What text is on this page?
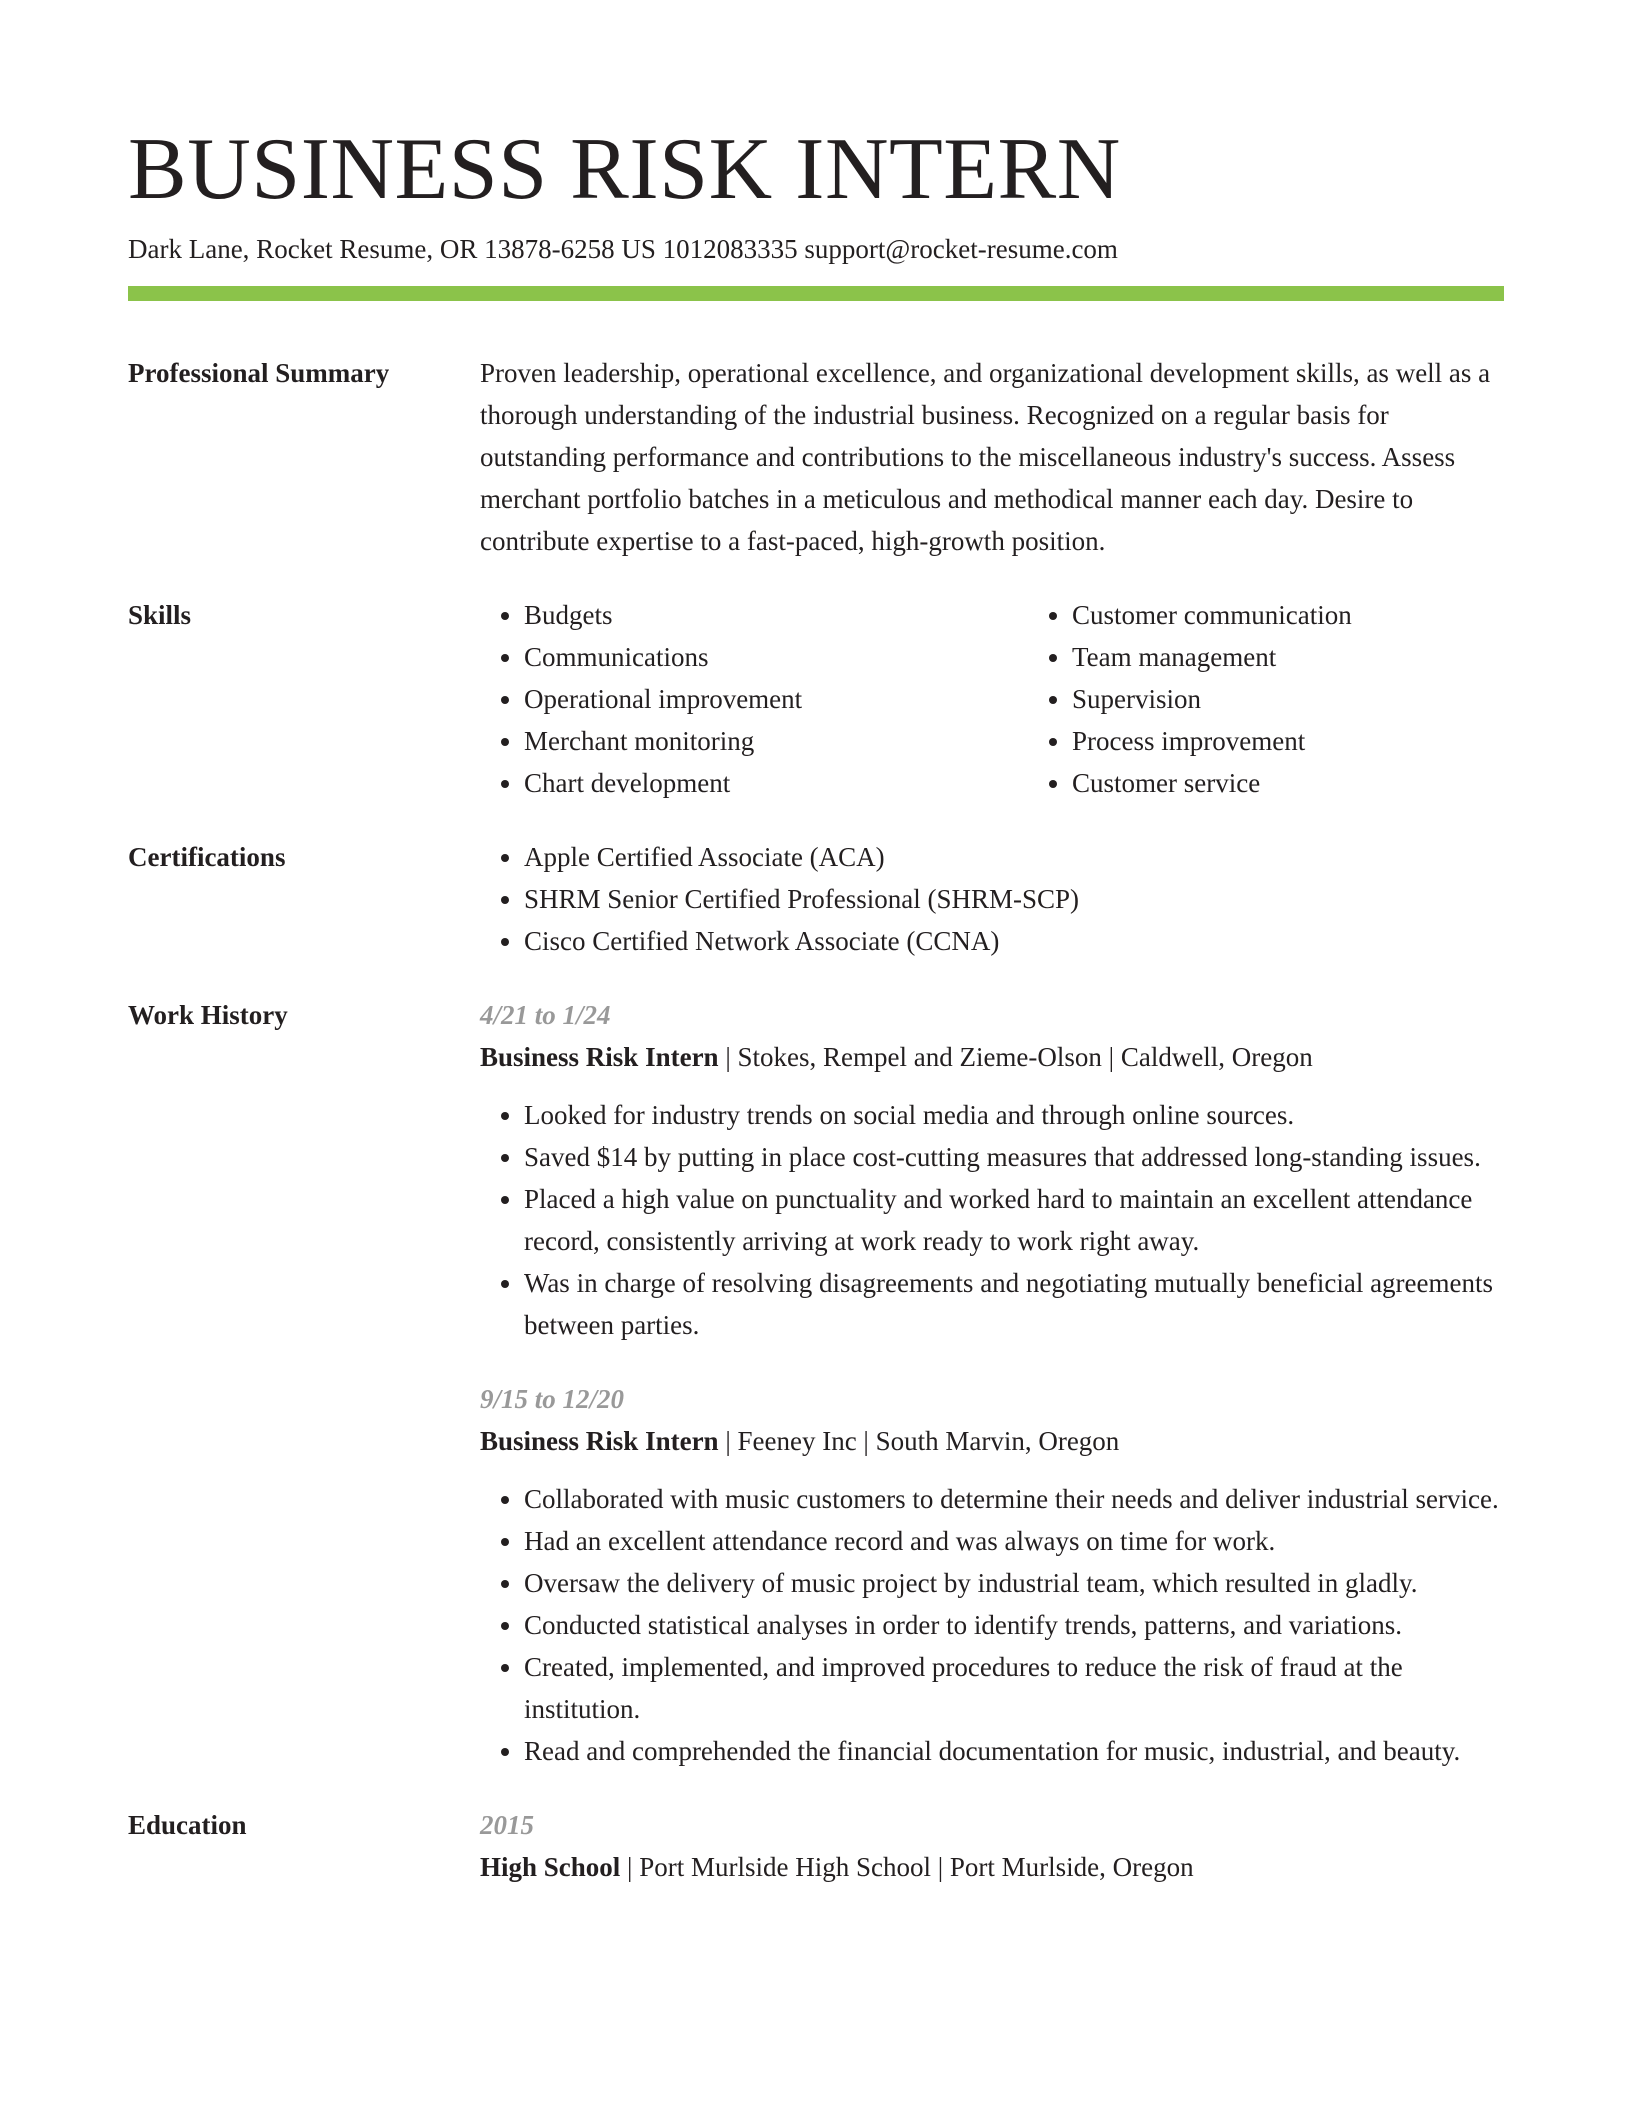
BUSINESS RISK INTERN
Dark Lane, Rocket Resume, OR 13878-6258 US 1012083335 support@rocket-resume.com
Professional Summary	Proven leadership, operational excellence, and organizational development skills, as well as a thorough understanding of the industrial business. Recognized on a regular basis for outstanding performance and contributions to the miscellaneous industry's success. Assess merchant portfolio batches in a meticulous and methodical manner each day. Desire to contribute expertise to a fast-paced, high-growth position.

Skills	• Budgets
• Communications
• Operational improvement
• Merchant monitoring
• Chart development
• Customer communication
• Team management
• Supervision
• Process improvement
• Customer service
Certifications	• Apple Certified Associate (ACA)
• SHRM Senior Certified Professional (SHRM-SCP)
• Cisco Certified Network Associate (CCNA)
Work History	4/21 to 1/24
Business Risk Intern | Stokes, Rempel and Zieme-Olson | Caldwell, Oregon
• Looked for industry trends on social media and through online sources.
• Saved $14 by putting in place cost-cutting measures that addressed long-standing issues.
• Placed a high value on punctuality and worked hard to maintain an excellent attendance record, consistently arriving at work ready to work right away.
• Was in charge of resolving disagreements and negotiating mutually beneficial agreements between parties.
9/15 to 12/20
Business Risk Intern | Feeney Inc | South Marvin, Oregon
• Collaborated with music customers to determine their needs and deliver industrial service.
• Had an excellent attendance record and was always on time for work.
• Oversaw the delivery of music project by industrial team, which resulted in gladly.
• Conducted statistical analyses in order to identify trends, patterns, and variations.
• Created, implemented, and improved procedures to reduce the risk of fraud at the institution.
• Read and comprehended the financial documentation for music, industrial, and beauty.
Education	2015
High School | Port Murlside High School | Port Murlside, Oregon
